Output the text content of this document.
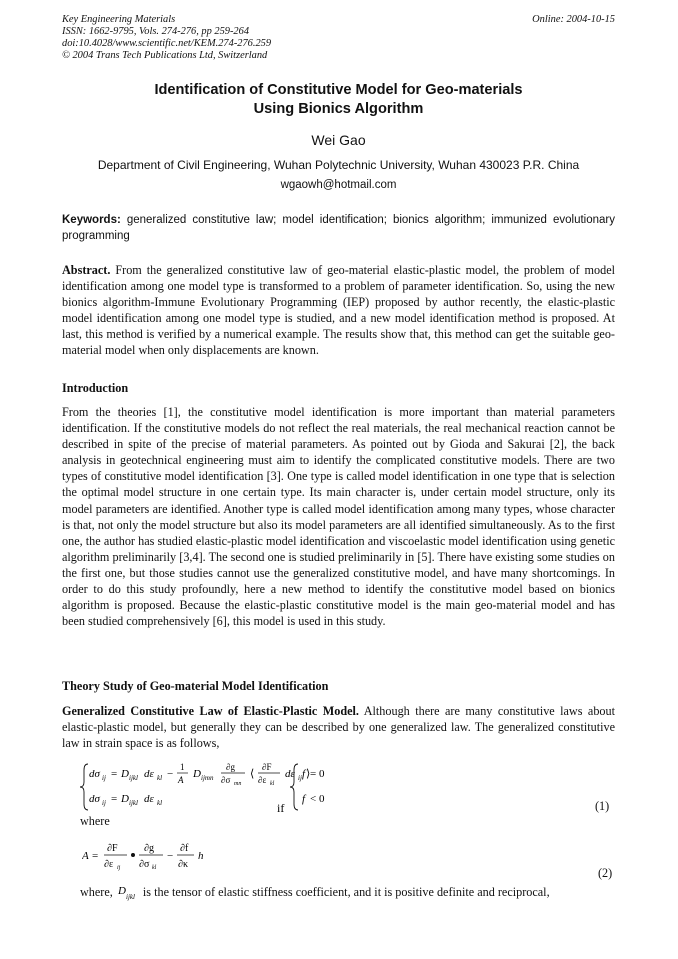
Key Engineering Materials
ISSN: 1662-9795, Vols. 274-276, pp 259-264
doi:10.4028/www.scientific.net/KEM.274-276.259
© 2004 Trans Tech Publications Ltd, Switzerland
Online: 2004-10-15
Identification of Constitutive Model for Geo-materials
Using Bionics Algorithm
Wei Gao
Department of Civil Engineering, Wuhan Polytechnic University, Wuhan 430023 P.R. China
wgaowh@hotmail.com
Keywords: generalized constitutive law; model identification; bionics algorithm; immunized evolutionary programming
Abstract. From the generalized constitutive law of geo-material elastic-plastic model, the problem of model identification among one model type is transformed to a problem of parameter identification. So, using the new bionics algorithm-Immune Evolutionary Programming (IEP) proposed by author recently, the elastic-plastic model identification among one model type is studied, and a new model identification method is proposed. At last, this method is verified by a numerical example. The results show that, this method can get the suitable geo-material model when only displacements are known.
Introduction
From the theories [1], the constitutive model identification is more important than material parameters identification. If the constitutive models do not reflect the real materials, the real mechanical reaction cannot be described in spite of the precise of material parameters. As pointed out by Gioda and Sakurai [2], the back analysis in geotechnical engineering must aim to identify the complicated constitutive models. There are two types of constitutive model identification [3]. One type is called model identification in one type that is selection the optimal model structure in one certain type. Its main character is, under certain model structure, only its model parameters are identified. Another type is called model identification among many types, whose character is that, not only the model structure but also its model parameters are all identified simultaneously. As to the first one, the author has studied elastic-plastic model identification and viscoelastic model identification using genetic algorithm preliminarily [3,4]. The second one is studied preliminarily in [5]. There have existing some studies on the first one, but those studies cannot use the generalized constitutive model, and have many shortcomings. In order to do this study profoundly, here a new method to identify the constitutive model based on bionics algorithm is proposed. Because the elastic-plastic constitutive model is the main geo-material model and has been studied comprehensively [6], this model is used in this study.
Theory Study of Geo-material Model Identification
Generalized Constitutive Law of Elastic-Plastic Model. Although there are many constitutive laws about elastic-plastic model, but generally they can be described by one generalized law. The generalized constitutive law in strain space is as follows,
dσ ij = D ijkl dε kl −
1
A D ijmn
∂g
∂σ mn
⟨
∂F
∂ε kl
dε ij ⟩
dσ ij = D ijkl dε kl	if
f = 0
f < 0	(1)
where
A =
∂F
∂ε ij
∂g
∂σ kl
−
∂f
∂κ
h
(2)
where, D ijkl is the tensor of elastic stiffness coefficient, and it is positive definite and reciprocal,
